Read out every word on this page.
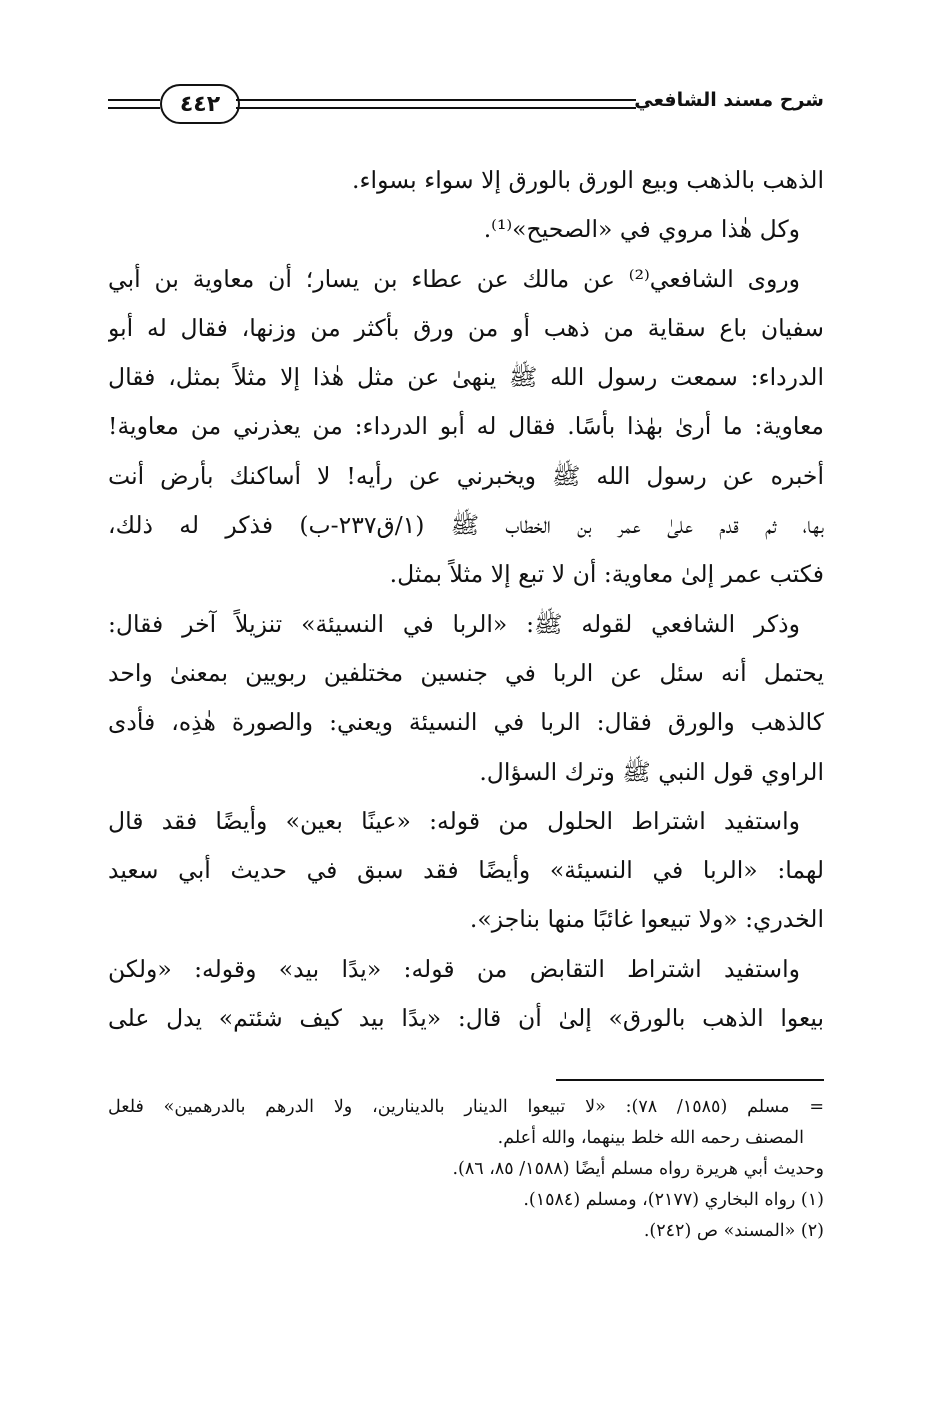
٤٤٢	شرح مسند الشافعي
الذهب بالذهب وبيع الورق بالورق إلا سواء بسواء.
وكل هٰذا مروي في «الصحيح»⁽¹⁾.
وروى الشافعي⁽²⁾ عن مالك عن عطاء بن يسار؛ أن معاوية بن أبي
سفيان باع سقاية من ذهب أو من ورق بأكثر من وزنها، فقال له أبو
الدرداء: سمعت رسول الله ﷺ ينهىٰ عن مثل هٰذا إلا مثلاً بمثل، فقال
معاوية: ما أرىٰ بهٰذا بأسًا. فقال له أبو الدرداء: من يعذرني من معاوية!
أخبره عن رسول الله ﷺ ويخبرني عن رأيه! لا أساكنك بأرض أنت
بها، ثم قدم علىٰ عمر بن الخطاب ﷺ (١/ق٢٣٧-ب) فذكر له ذلك،
فكتب عمر إلىٰ معاوية: أن لا تبع إلا مثلاً بمثل.
وذكر الشافعي لقوله ﷺ: «الربا في النسيئة» تنزيلاً آخر فقال:
يحتمل أنه سئل عن الربا في جنسين مختلفين ربويين بمعنىٰ واحد
كالذهب والورق فقال: الربا في النسيئة ويعني: والصورة هٰذِه، فأدى
الراوي قول النبي ﷺ وترك السؤال.
واستفيد اشتراط الحلول من قوله: «عينًا بعين» وأيضًا فقد قال
لهما: «الربا في النسيئة» وأيضًا فقد سبق في حديث أبي سعيد
الخدري: «ولا تبيعوا غائبًا منها بناجز».
واستفيد اشتراط التقابض من قوله: «يدًا بيد» وقوله: «ولكن
بيعوا الذهب بالورق» إلىٰ أن قال: «يدًا بيد كيف شئتم» يدل على
= مسلم (١٥٨٥/ ٧٨): «لا تبيعوا الدينار بالدينارين، ولا الدرهم بالدرهمين» فلعل
المصنف رحمه الله خلط بينهما، والله أعلم.
وحديث أبي هريرة رواه مسلم أيضًا (١٥٨٨/ ٨٥، ٨٦).
(١) رواه البخاري (٢١٧٧)، ومسلم (١٥٨٤).
(٢) «المسند» ص (٢٤٢).
